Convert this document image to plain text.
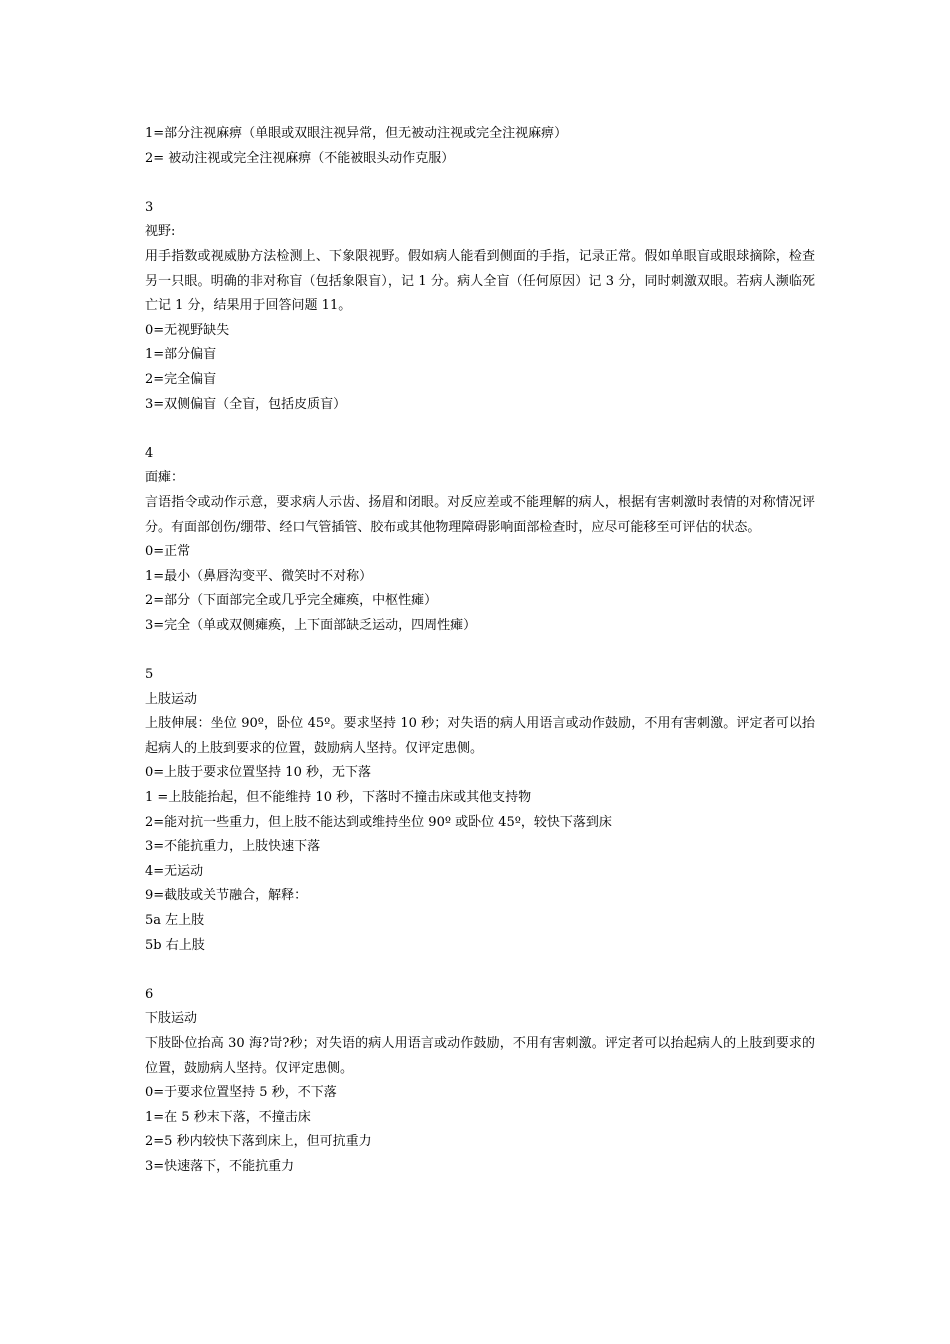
1=部分注视麻痹（单眼或双眼注视异常，但无被动注视或完全注视麻痹）

2= 被动注视或完全注视麻痹（不能被眼头动作克服）

3

视野:

用手指数或视威胁方法检测上、下象限视野。假如病人能看到侧面的手指，记录正常。假如单眼盲或眼球摘除，检查另一只眼。明确的非对称盲（包括象限盲），记 1 分。病人全盲（任何原因）记 3 分，同时刺激双眼。若病人濒临死亡记 1 分，结果用于回答问题 11。

0=无视野缺失

1=部分偏盲

2=完全偏盲

3=双侧偏盲（全盲，包括皮质盲）

4

面瘫：

言语指令或动作示意，要求病人示齿、扬眉和闭眼。对反应差或不能理解的病人，根据有害刺激时表情的对称情况评分。有面部创伤/绷带、经口气管插管、胶布或其他物理障碍影响面部检查时，应尽可能移至可评估的状态。

0=正常

1=最小（鼻唇沟变平、微笑时不对称）

2=部分（下面部完全或几乎完全瘫痪，中枢性瘫）

3=完全（单或双侧瘫痪，上下面部缺乏运动，四周性瘫）

5

上肢运动

上肢伸展：坐位 90º，卧位 45º。要求坚持 10 秒；对失语的病人用语言或动作鼓励，不用有害刺激。评定者可以抬起病人的上肢到要求的位置，鼓励病人坚持。仅评定患侧。

0=上肢于要求位置坚持 10 秒，无下落

1 =上肢能抬起，但不能维持 10 秒，下落时不撞击床或其他支持物

2=能对抗一些重力，但上肢不能达到或维持坐位 90º 或卧位 45º，较快下落到床

3=不能抗重力，上肢快速下落

4=无运动

9=截肢或关节融合，解释：

5a 左上肢

5b 右上肢

6

下肢运动

下肢卧位抬高 30 海?岢?秒；对失语的病人用语言或动作鼓励，不用有害刺激。评定者可以抬起病人的上肢到要求的位置，鼓励病人坚持。仅评定患侧。

0=于要求位置坚持 5 秒，不下落

1=在 5 秒末下落，不撞击床

2=5 秒内较快下落到床上，但可抗重力

3=快速落下，不能抗重力
